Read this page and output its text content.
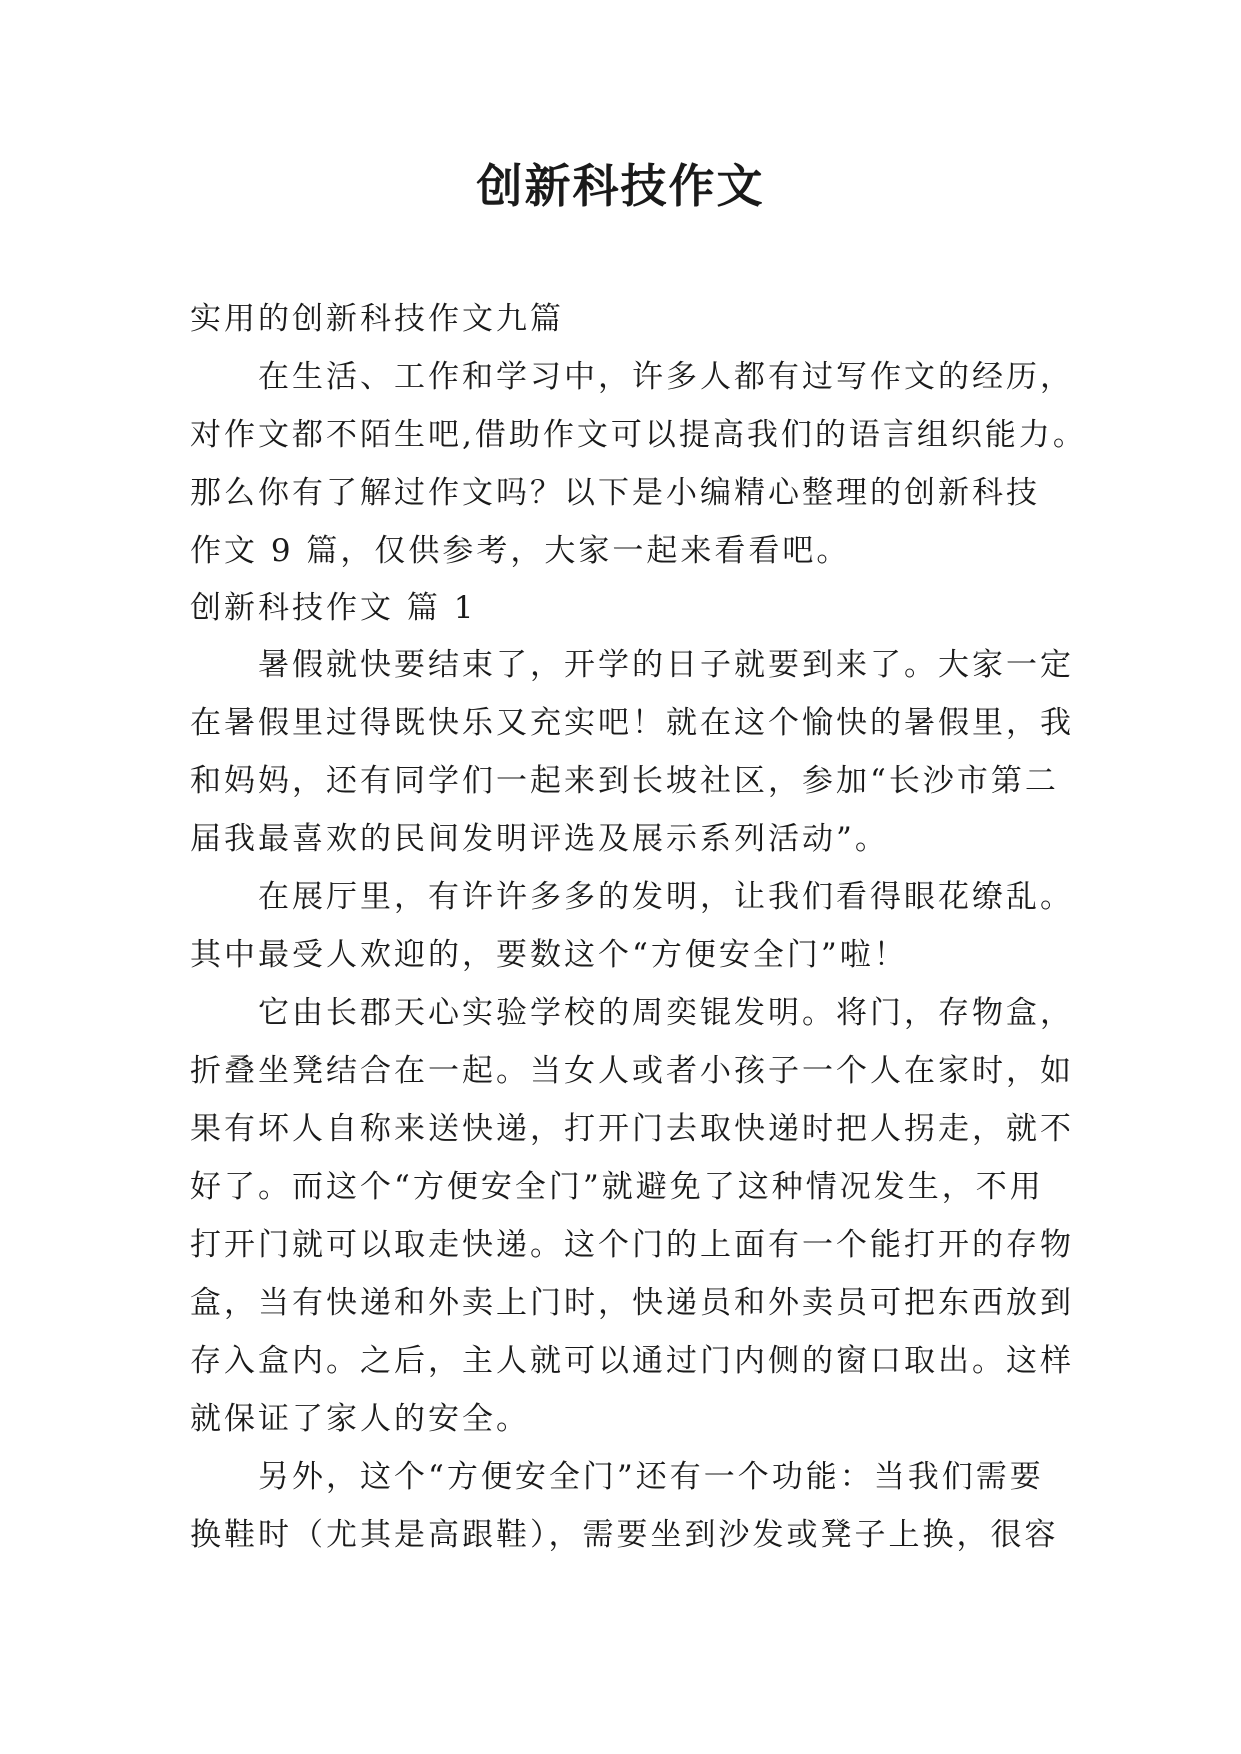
创新科技作文

实用的创新科技作文九篇

在生活、工作和学习中，许多人都有过写作文的经历，

对作文都不陌生吧,借助作文可以提高我们的语言组织能力。

那么你有了解过作文吗？以下是小编精心整理的创新科技

作文 9 篇，仅供参考，大家一起来看看吧。

创新科技作文 篇 1

暑假就快要结束了，开学的日子就要到来了。大家一定

在暑假里过得既快乐又充实吧！就在这个愉快的暑假里，我

和妈妈，还有同学们一起来到长坡社区，参加“长沙市第二

届我最喜欢的民间发明评选及展示系列活动”。

在展厅里，有许许多多的发明，让我们看得眼花缭乱。

其中最受人欢迎的，要数这个“方便安全门”啦！

它由长郡天心实验学校的周奕锟发明。将门，存物盒，

折叠坐凳结合在一起。当女人或者小孩子一个人在家时，如

果有坏人自称来送快递，打开门去取快递时把人拐走，就不

好了。而这个“方便安全门”就避免了这种情况发生，不用

打开门就可以取走快递。这个门的上面有一个能打开的存物

盒，当有快递和外卖上门时，快递员和外卖员可把东西放到

存入盒内。之后，主人就可以通过门内侧的窗口取出。这样

就保证了家人的安全。

另外，这个“方便安全门”还有一个功能：当我们需要

换鞋时（尤其是高跟鞋），需要坐到沙发或凳子上换，很容
